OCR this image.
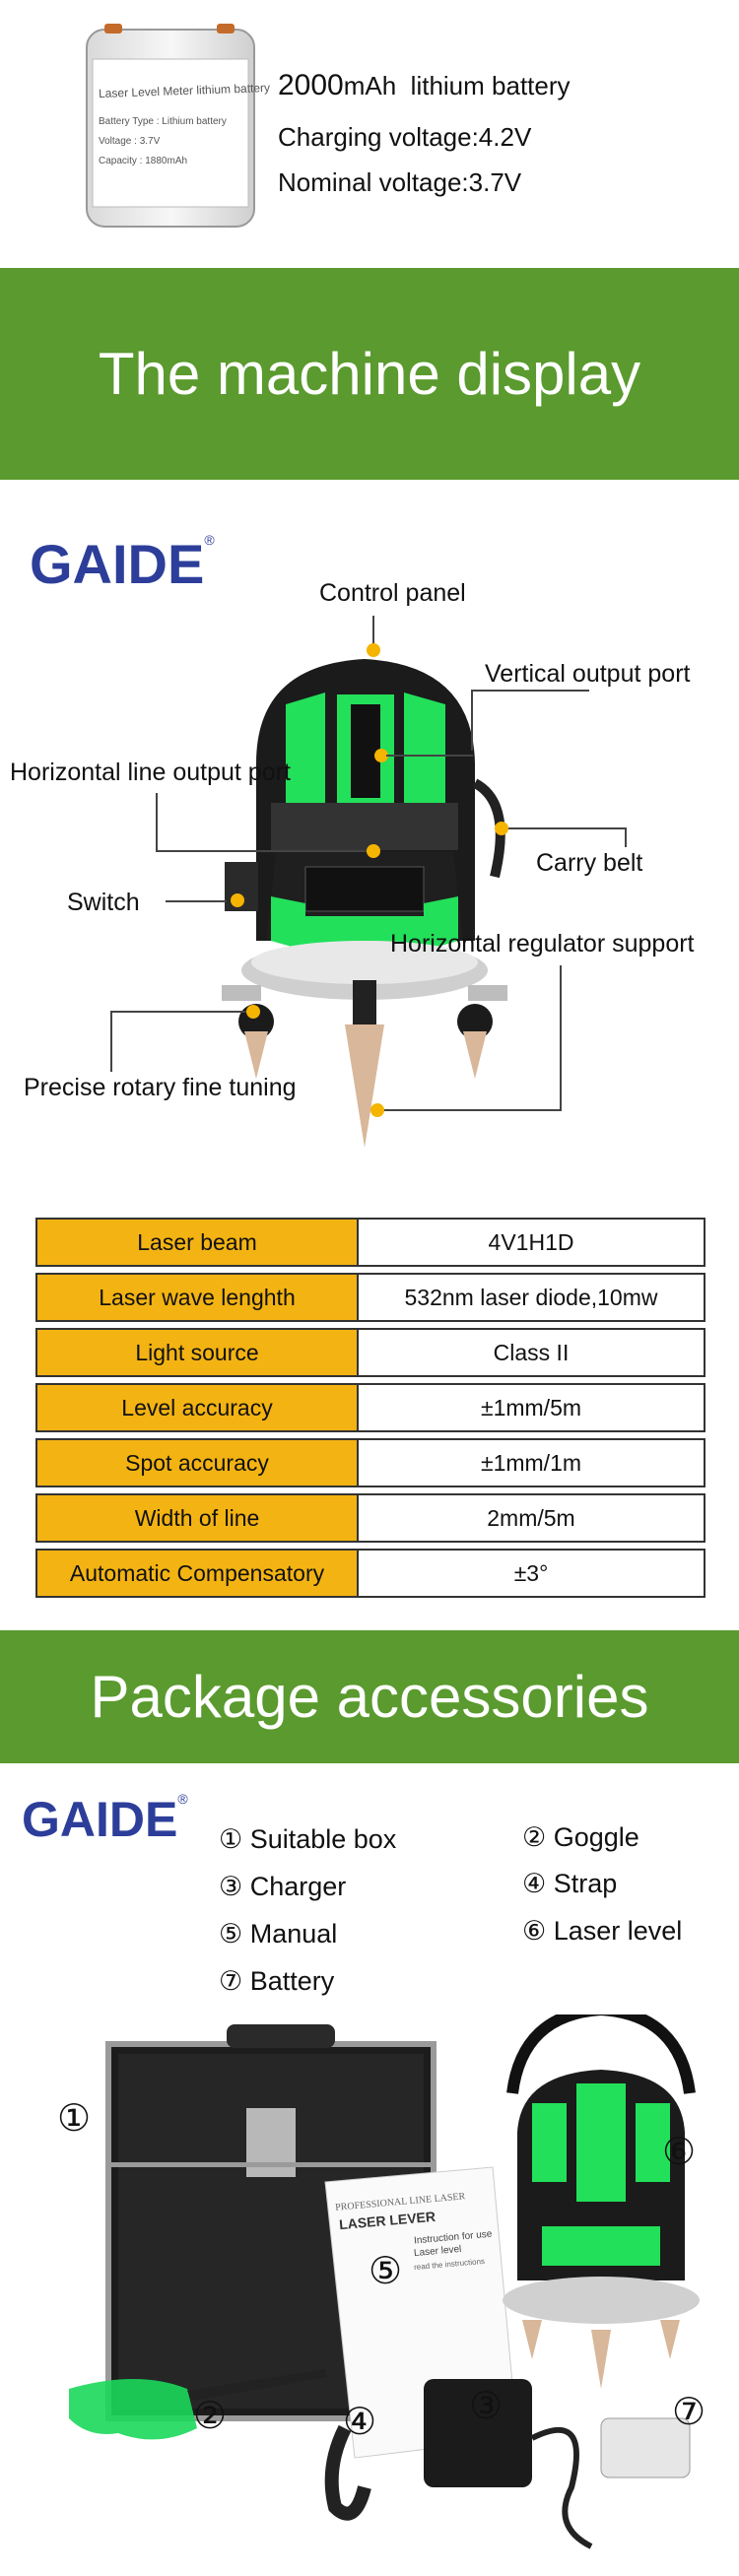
Laser Level Meter lithium battery
Battery Type : Lithium battery
Voltage : 3.7V
Capacity : 1880mAh
2000mAh lithium battery
Charging voltage:4.2V
Nominal voltage:3.7V
The machine display
GAIDE®
Control panel
Vertical output port
Horizontal line output port
Carry belt
Switch
Horizontal regulator support
Precise rotary fine tuning
Laser beam	4V1H1D
Laser wave lenghth	532nm laser diode,10mw
Light source	Class II
Level accuracy	±1mm/5m
Spot accuracy	±1mm/1m
Width of line	2mm/5m
Automatic Compensatory	±3°
Package accessories
GAIDE®
① Suitable box	② Goggle
③ Charger	④ Strap
⑤ Manual	⑥ Laser level
⑦ Battery
PROFESSIONAL LINE LASER
LASER LEVER
Instruction for use
Laser level
read the instructions
①
②	③
④
⑤
⑥
⑦
